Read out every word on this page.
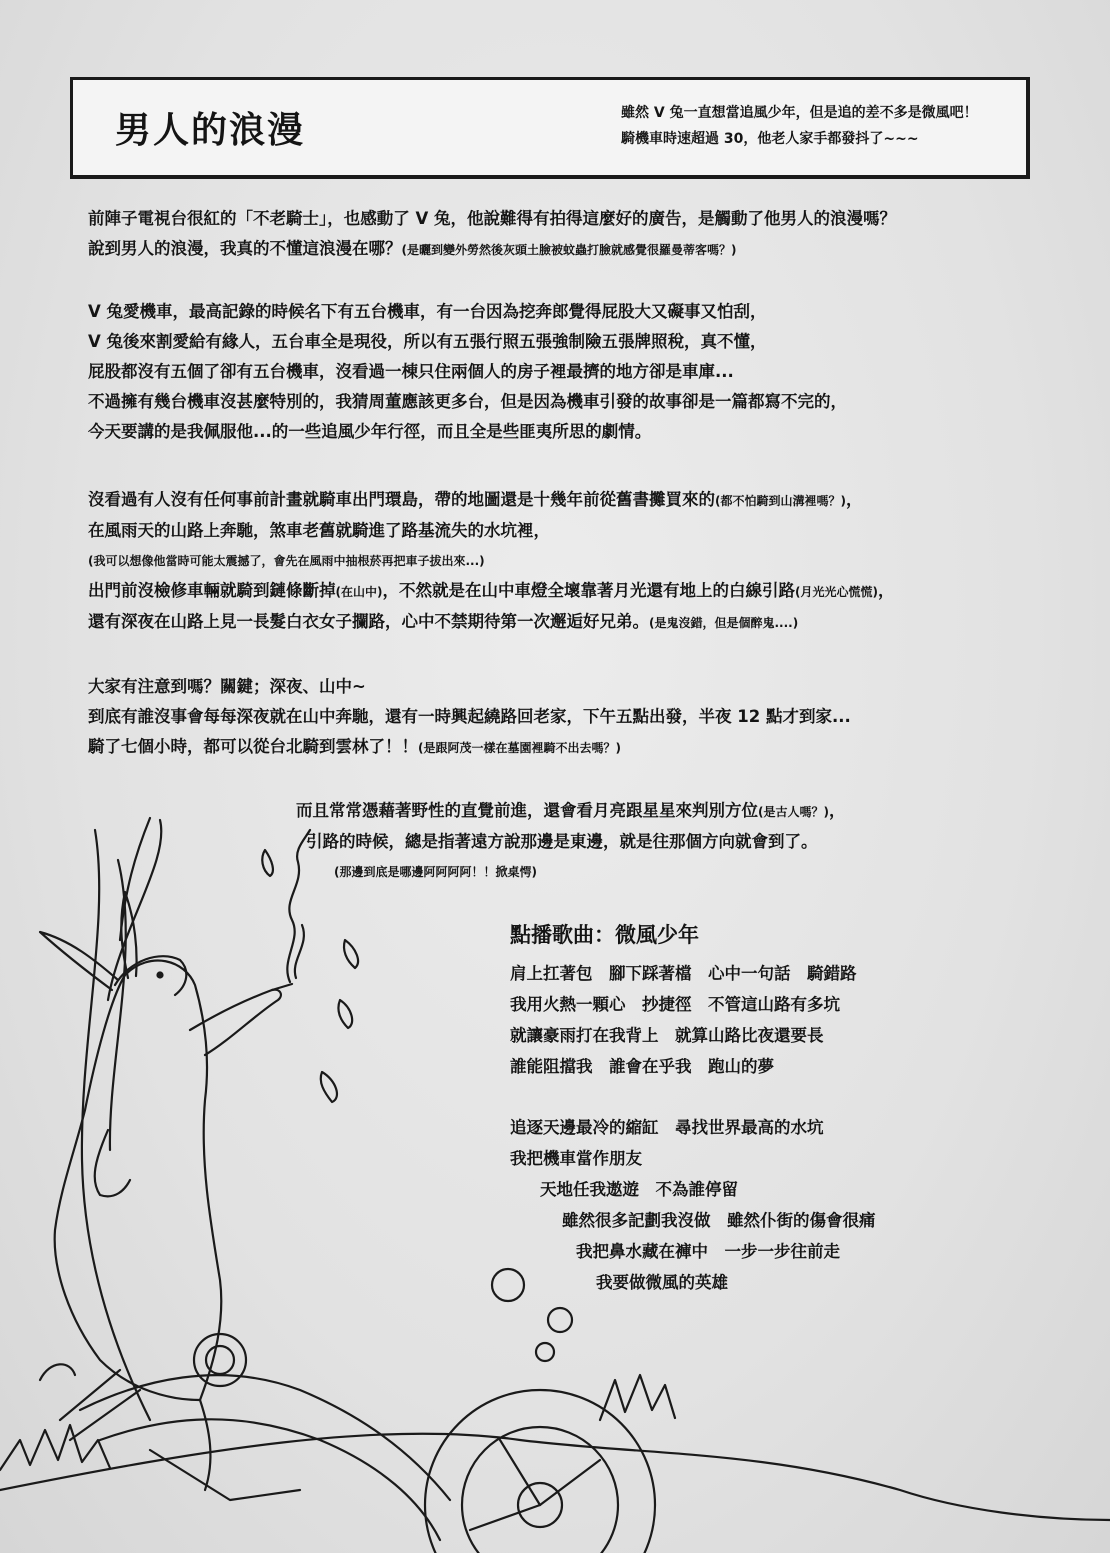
男人的浪漫	雖然 V 兔一直想當追風少年，但是追的差不多是微風吧！
騎機車時速超過 30，他老人家手都發抖了~~~

前陣子電視台很紅的「不老騎士」，也感動了 V 兔，他說難得有拍得這麼好的廣告，是觸動了他男人的浪漫嗎？

說到男人的浪漫，我真的不懂這浪漫在哪？(是曬到變外勞然後灰頭土臉被蚊蟲打臉就感覺很羅曼蒂客嗎？)

V 兔愛機車，最高記錄的時候名下有五台機車，有一台因為挖奔郎覺得屁股大又礙事又怕刮，

V 兔後來割愛給有緣人，五台車全是現役，所以有五張行照五張強制險五張牌照稅，真不懂，

屁股都沒有五個了卻有五台機車，沒看過一棟只住兩個人的房子裡最擠的地方卻是車庫...

不過擁有幾台機車沒甚麼特別的，我猜周董應該更多台，但是因為機車引發的故事卻是一篇都寫不完的，

今天要講的是我佩服他...的一些追風少年行徑，而且全是些匪夷所思的劇情。

沒看過有人沒有任何事前計畫就騎車出門環島，帶的地圖還是十幾年前從舊書攤買來的(都不怕騎到山溝裡嗎？)，

在風雨天的山路上奔馳，煞車老舊就騎進了路基流失的水坑裡，

(我可以想像他當時可能太震撼了，會先在風雨中抽根菸再把車子拔出來...)

出門前沒檢修車輛就騎到鏈條斷掉(在山中)，不然就是在山中車燈全壞靠著月光還有地上的白線引路(月光光心慌慌)，

還有深夜在山路上見一長髮白衣女子攔路，心中不禁期待第一次邂逅好兄弟。(是鬼沒錯，但是個醉鬼....)

大家有注意到嗎？關鍵；深夜、山中~

到底有誰沒事會每每深夜就在山中奔馳，還有一時興起繞路回老家，下午五點出發，半夜 12 點才到家...

騎了七個小時，都可以從台北騎到雲林了！！(是跟阿茂一樣在墓園裡騎不出去嗎？)

而且常常憑藉著野性的直覺前進，還會看月亮跟星星來判別方位(是古人嗎？)，

引路的時候，總是指著遠方說那邊是東邊，就是往那個方向就會到了。

(那邊到底是哪邊阿阿阿阿！！掀桌愕)

點播歌曲：微風少年

肩上扛著包　腳下踩著檔　心中一句話　騎錯路

我用火熱一顆心　抄捷徑　不管這山路有多坑

就讓豪雨打在我背上　就算山路比夜還要長

誰能阻擋我　誰會在乎我　跑山的夢

追逐天邊最冷的縮缸　尋找世界最高的水坑

我把機車當作朋友

天地任我遨遊　不為誰停留

雖然很多記劃我沒做　雖然仆街的傷會很痛

我把鼻水藏在褲中　一步一步往前走

我要做微風的英雄
